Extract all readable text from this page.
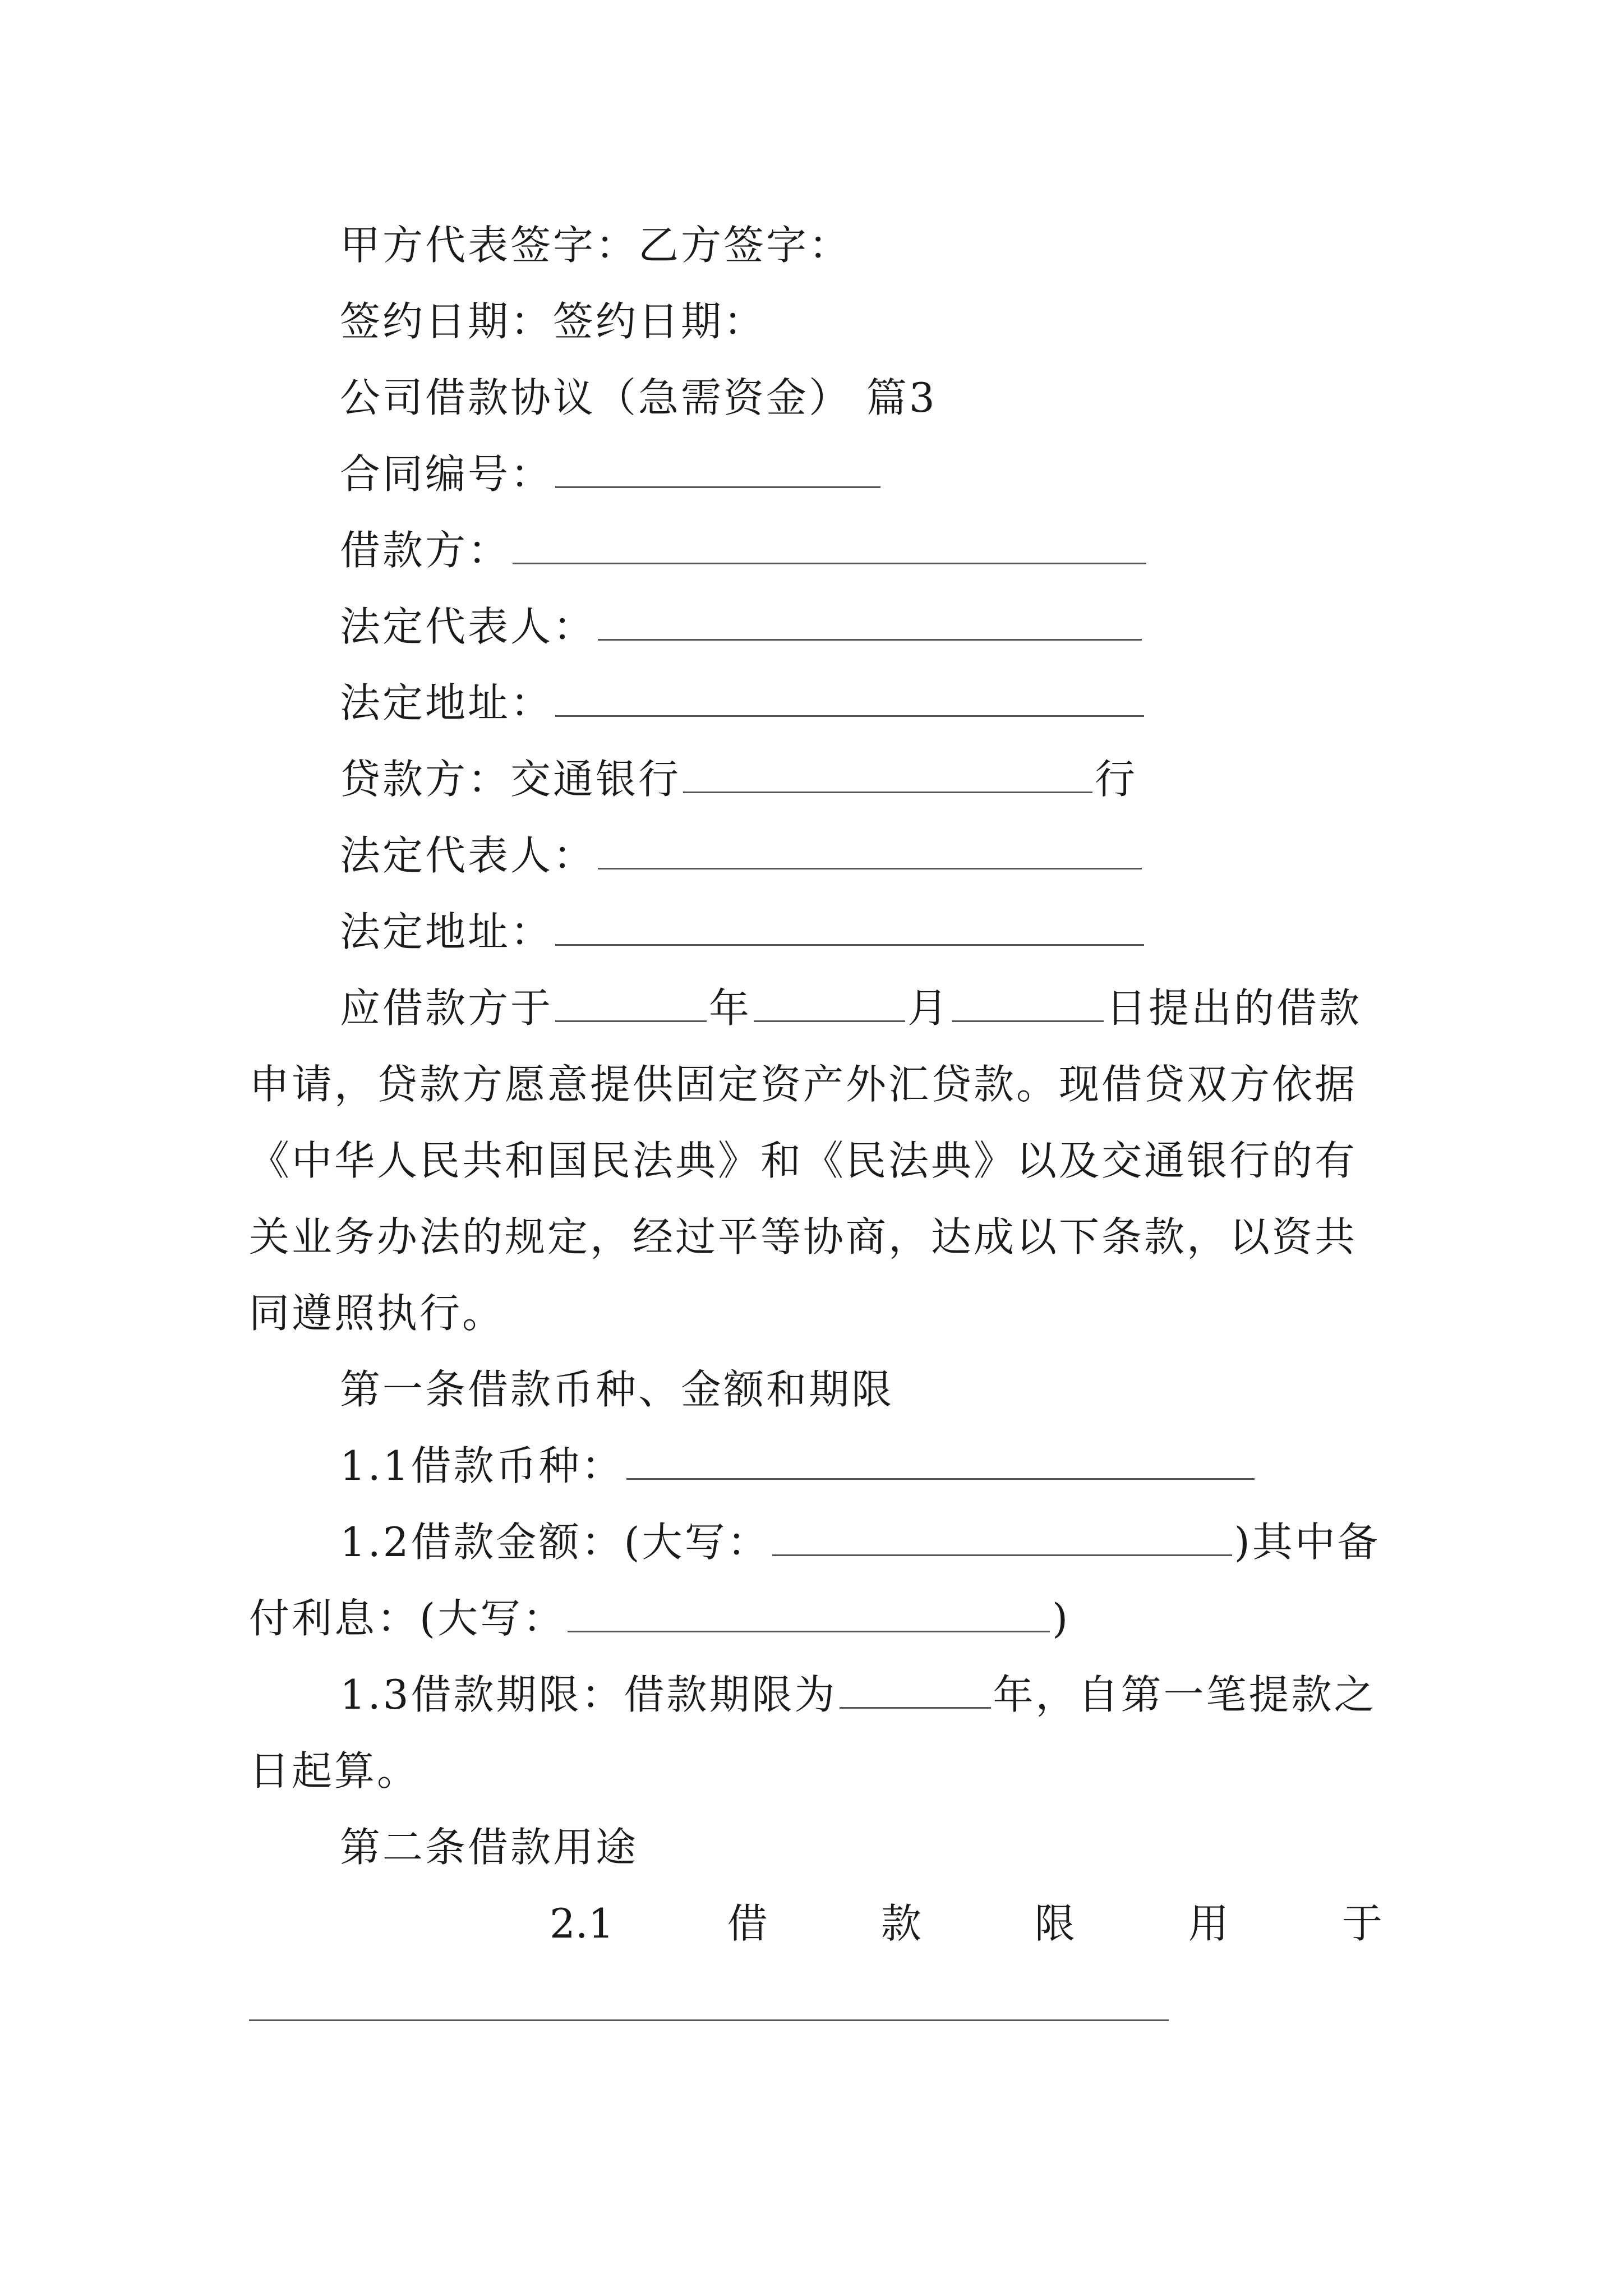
甲方代表签字：乙方签字：
签约日期：签约日期：
公司借款协议（急需资金） 篇3
合同编号：
借款方：
法定代表人：
法定地址：
贷款方：交通银行	行
法定代表人：
法定地址：
应借款方于	年	月	日提出的借款
申请，贷款方愿意提供固定资产外汇贷款。现借贷双方依据
《中华人民共和国民法典》和《民法典》以及交通银行的有
关业务办法的规定，经过平等协商，达成以下条款，以资共
同遵照执行。
第一条借款币种、金额和期限
1.1借款币种：
1.2借款金额：(大写：	)其中备
付利息：(大写：	)
1.3借款期限：借款期限为	年，自第一笔提款之
日起算。
第二条借款用途
2.1	借	款	限	用	于
